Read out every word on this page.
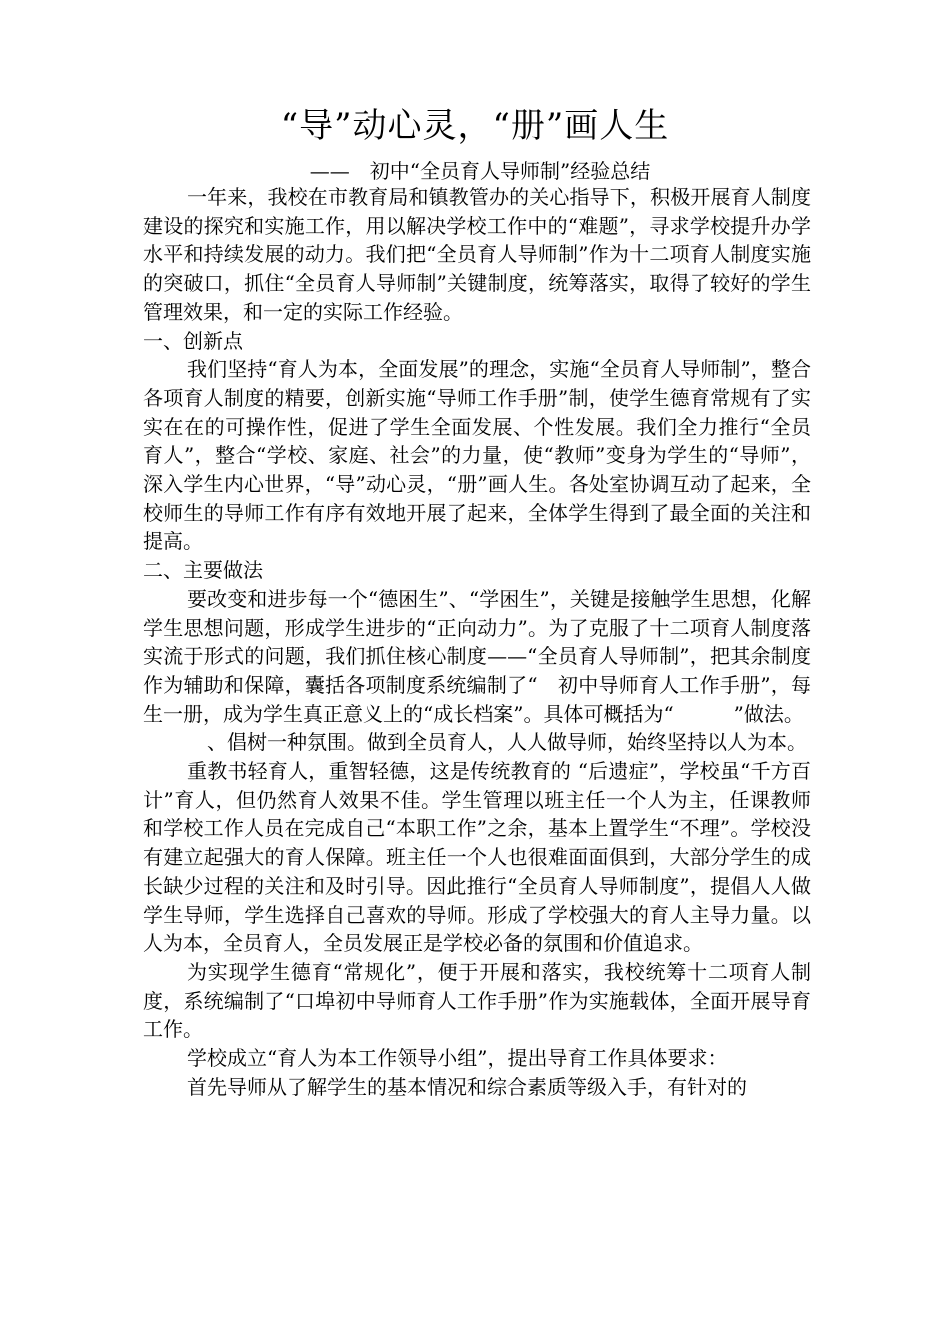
“导”动心灵，“册”画人生
——　初中“全员育人导师制”经验总结

一年来，我校在市教育局和镇教管办的关心指导下，积极开展育人制度建设的探究和实施工作，用以解决学校工作中的“难题”，寻求学校提升办学水平和持续发展的动力。我们把“全员育人导师制”作为十二项育人制度实施的突破口，抓住“全员育人导师制”关键制度，统筹落实，取得了较好的学生管理效果，和一定的实际工作经验。

一、创新点

我们坚持“育人为本，全面发展”的理念，实施“全员育人导师制”，整合各项育人制度的精要，创新实施“导师工作手册”制，使学生德育常规有了实实在在的可操作性，促进了学生全面发展、个性发展。我们全力推行“全员育人”，整合“学校、家庭、社会”的力量，使“教师”变身为学生的“导师”，深入学生内心世界，“导”动心灵，“册”画人生。各处室协调互动了起来，全校师生的导师工作有序有效地开展了起来，全体学生得到了最全面的关注和提高。

二、主要做法

要改变和进步每一个“德困生”、“学困生”，关键是接触学生思想，化解学生思想问题，形成学生进步的“正向动力”。为了克服了十二项育人制度落实流于形式的问题，我们抓住核心制度——“全员育人导师制”，把其余制度作为辅助和保障，囊括各项制度系统编制了“　初中导师育人工作手册”，每生一册，成为学生真正意义上的“成长档案”。具体可概括为“　　　”做法。

　、倡树一种氛围。做到全员育人，人人做导师，始终坚持以人为本。

重教书轻育人，重智轻德，这是传统教育的 “后遗症”，学校虽“千方百计”育人，但仍然育人效果不佳。学生管理以班主任一个人为主，任课教师和学校工作人员在完成自己“本职工作”之余，基本上置学生“不理”。学校没有建立起强大的育人保障。班主任一个人也很难面面俱到，大部分学生的成长缺少过程的关注和及时引导。因此推行“全员育人导师制度”，提倡人人做学生导师，学生选择自己喜欢的导师。形成了学校强大的育人主导力量。以人为本，全员育人，全员发展正是学校必备的氛围和价值追求。

为实现学生德育“常规化”，便于开展和落实，我校统筹十二项育人制度，系统编制了“口埠初中导师育人工作手册”作为实施载体，全面开展导育工作。

学校成立“育人为本工作领导小组”，提出导育工作具体要求：

首先导师从了解学生的基本情况和综合素质等级入手，有针对的
